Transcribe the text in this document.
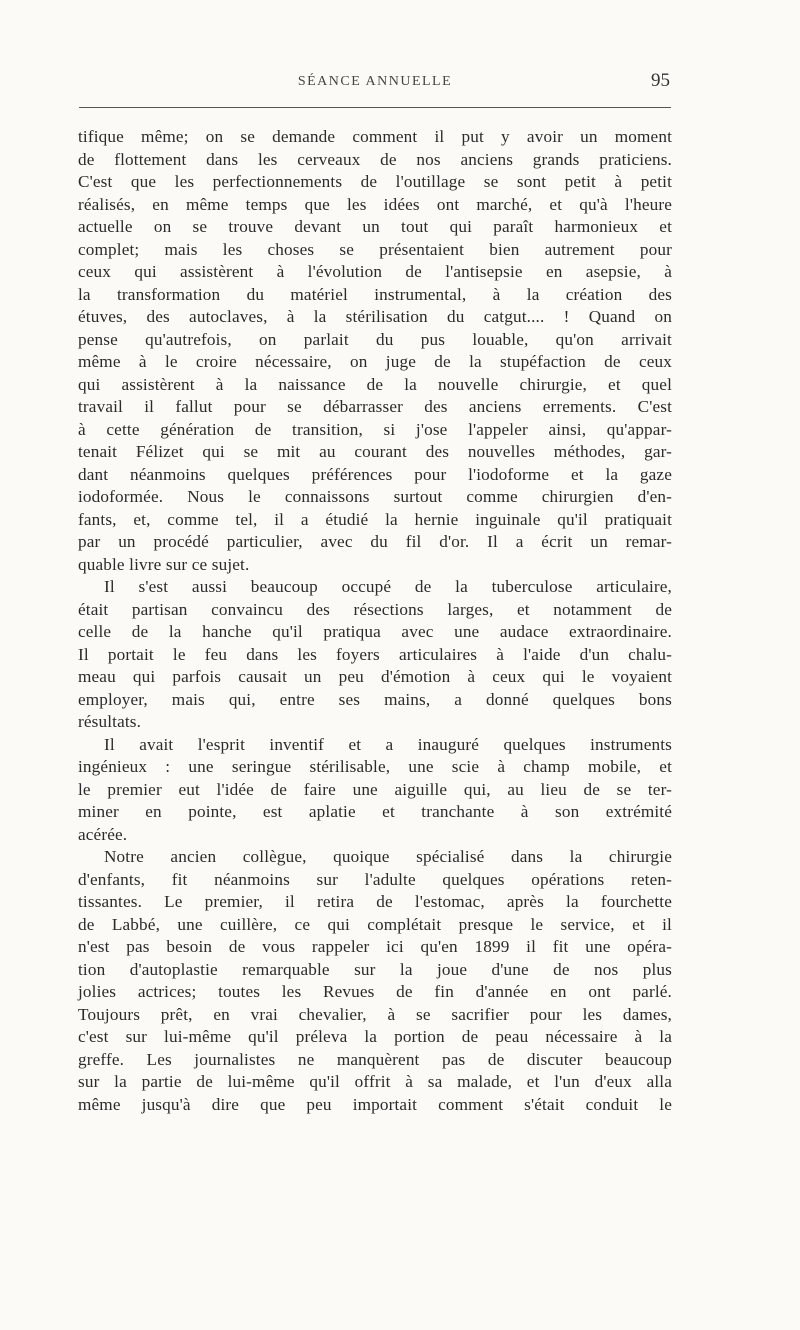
SÉANCE ANNUELLE	95
tifique même; on se demande comment il put y avoir un moment
de flottement dans les cerveaux de nos anciens grands praticiens.
C'est que les perfectionnements de l'outillage se sont petit à petit
réalisés, en même temps que les idées ont marché, et qu'à l'heure
actuelle on se trouve devant un tout qui paraît harmonieux et
complet; mais les choses se présentaient bien autrement pour
ceux qui assistèrent à l'évolution de l'antisepsie en asepsie, à
la transformation du matériel instrumental, à la création des
étuves, des autoclaves, à la stérilisation du catgut.... ! Quand on
pense qu'autrefois, on parlait du pus louable, qu'on arrivait
même à le croire nécessaire, on juge de la stupéfaction de ceux
qui assistèrent à la naissance de la nouvelle chirurgie, et quel
travail il fallut pour se débarrasser des anciens errements. C'est
à cette génération de transition, si j'ose l'appeler ainsi, qu'appar-
tenait Félizet qui se mit au courant des nouvelles méthodes, gar-
dant néanmoins quelques préférences pour l'iodoforme et la gaze
iodoformée. Nous le connaissons surtout comme chirurgien d'en-
fants, et, comme tel, il a étudié la hernie inguinale qu'il pratiquait
par un procédé particulier, avec du fil d'or. Il a écrit un remar-
quable livre sur ce sujet.
Il s'est aussi beaucoup occupé de la tuberculose articulaire,
était partisan convaincu des résections larges, et notamment de
celle de la hanche qu'il pratiqua avec une audace extraordinaire.
Il portait le feu dans les foyers articulaires à l'aide d'un chalu-
meau qui parfois causait un peu d'émotion à ceux qui le voyaient
employer, mais qui, entre ses mains, a donné quelques bons
résultats.
Il avait l'esprit inventif et a inauguré quelques instruments
ingénieux : une seringue stérilisable, une scie à champ mobile, et
le premier eut l'idée de faire une aiguille qui, au lieu de se ter-
miner en pointe, est aplatie et tranchante à son extrémité
acérée.
Notre ancien collègue, quoique spécialisé dans la chirurgie
d'enfants, fit néanmoins sur l'adulte quelques opérations reten-
tissantes. Le premier, il retira de l'estomac, après la fourchette
de Labbé, une cuillère, ce qui complétait presque le service, et il
n'est pas besoin de vous rappeler ici qu'en 1899 il fit une opéra-
tion d'autoplastie remarquable sur la joue d'une de nos plus
jolies actrices; toutes les Revues de fin d'année en ont parlé.
Toujours prêt, en vrai chevalier, à se sacrifier pour les dames,
c'est sur lui-même qu'il préleva la portion de peau nécessaire à la
greffe. Les journalistes ne manquèrent pas de discuter beaucoup
sur la partie de lui-même qu'il offrit à sa malade, et l'un d'eux alla
même jusqu'à dire que peu importait comment s'était conduit le
